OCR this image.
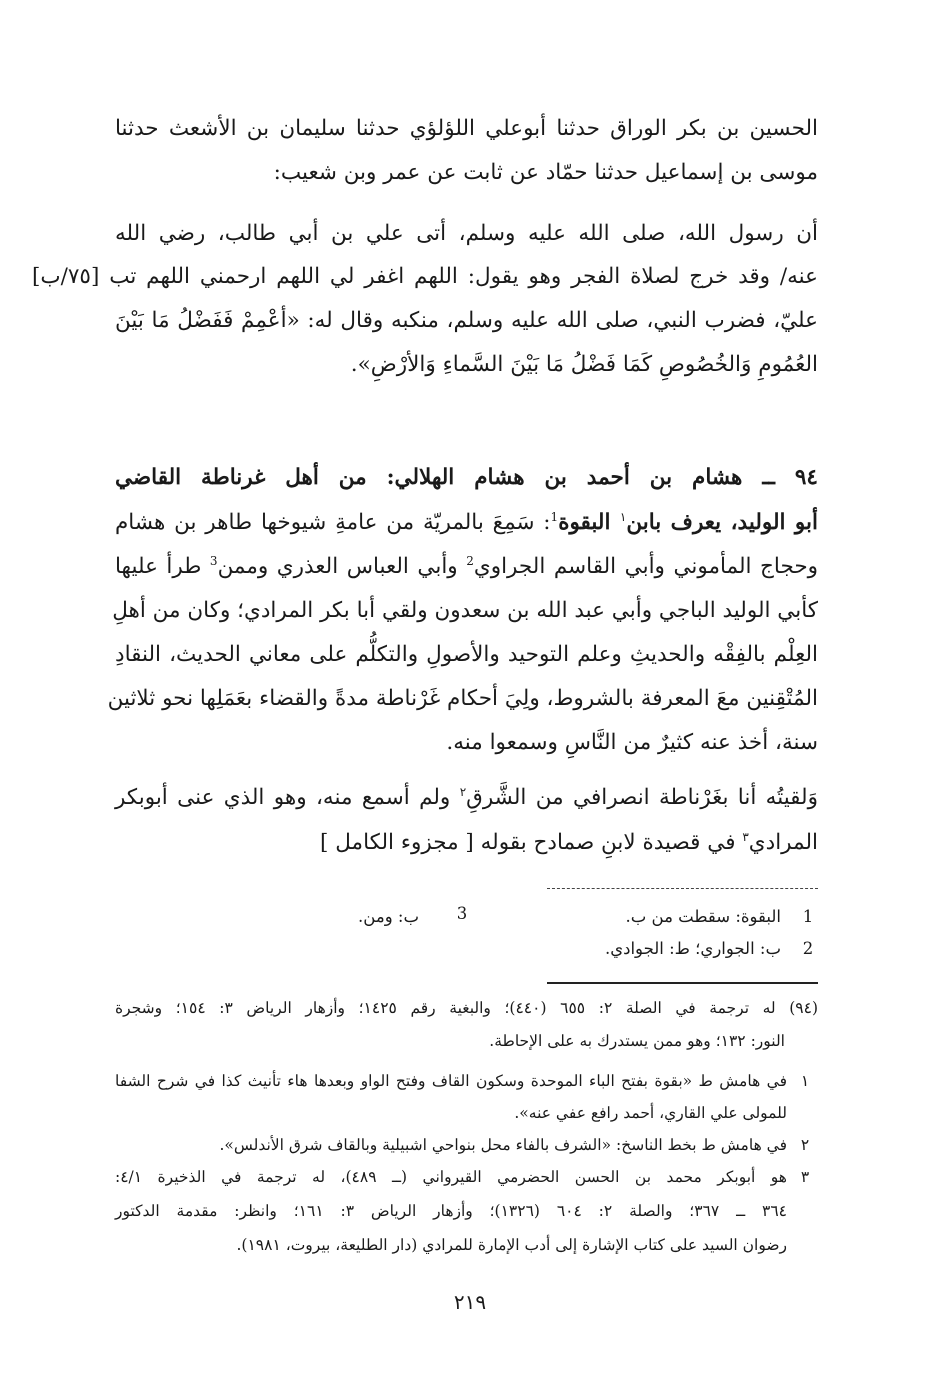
الحسين بن بكر الوراق حدثنا أبوعلي اللؤلؤي حدثنا سليمان بن الأشعث حدثنا
موسى بن إسماعيل حدثنا حمّاد عن ثابت عن عمر وبن شعيب:
أن رسول الله، صلى الله عليه وسلم، أتى علي بن أبي طالب، رضي الله
عنه/ وقد خرج لصلاة الفجر وهو يقول: اللهم اغفر لي اللهم ارحمني اللهم تب [٧٥/ب]
عليّ، فضرب النبي، صلى الله عليه وسلم، منكبه وقال له: «أعْمِمْ فَفَضْلُ مَا بَيْنَ
العُمُومِ وَالخُصُوصِ كَمَا فَضْلُ مَا بَيْنَ السَّماءِ وَالأرْضِ».
٩٤ ــ هشام بن أحمد بن هشام الهلالي: من أهل غرناطة القاضي
أبو الوليد، يعرف بابن$^١$ البقوة$^1$: سَمِعَ بالمريّة من عامةِ شيوخها طاهر بن هشام
وحجاج المأموني وأبي القاسم الجراوي$^2$ وأبي العباس العذري وممن$^3$ طرأ عليها
كأبي الوليد الباجي وأبي عبد الله بن سعدون ولقي أبا بكر المرادي؛ وكان من أهلِ
العِلْم بالفِقْه والحديثِ وعلم التوحيد والأصولِ والتكلُّم على معاني الحديث، النقادِ
المُتْقِنين معَ المعرفة بالشروط، ولِيَ أحكام غَرْناطة مدةً والقضاء بعَمَلِها نحو ثلاثين
سنة، أخذ عنه كثيرٌ من النَّاسِ وسمعوا منه.
وَلقيتُه أنا بغَرْناطة انصرافي من الشَّرقِ$^٢$ ولم أسمع منه، وهو الذي عنى أبوبكر
المرادي$^٣$ في قصيدة لابنِ صمادح بقوله [ مجزوء الكامل ]
1
البقوة: سقطت من ب.
3
ب: ومن.
2
ب: الجواري؛ ط: الجوادي.
(٩٤) له ترجمة في الصلة ٢: ٦٥٥ (٤٤٠)؛ والبغية رقم ١٤٢٥؛ وأزهار الرياض ٣: ١٥٤؛ وشجرة
النور: ١٣٢؛ وهو ممن يستدرك به على الإحاطة.
١
في هامش ط «بقوة بفتح الباء الموحدة وسكون القاف وفتح الواو وبعدها هاء تأنيث كذا في شرح الشفا
للمولى علي القاري، أحمد رافع عفي عنه».
٢
في هامش ط بخط الناسخ: «الشرف بالفاء محل بنواحي اشبيلية وبالقاف شرق الأندلس».
٣
هو أبوبكر محمد بن الحسن الحضرمي القيرواني (ــ ٤٨٩)، له ترجمة في الذخيرة ٤/١:
٣٦٤ ــ ٣٦٧؛ والصلة ٢: ٦٠٤ (١٣٢٦)؛ وأزهار الرياض ٣: ١٦١؛ وانظر: مقدمة الدكتور
رضوان السيد على كتاب الإشارة إلى أدب الإمارة للمرادي (دار الطليعة، بيروت، ١٩٨١).
٢١٩
